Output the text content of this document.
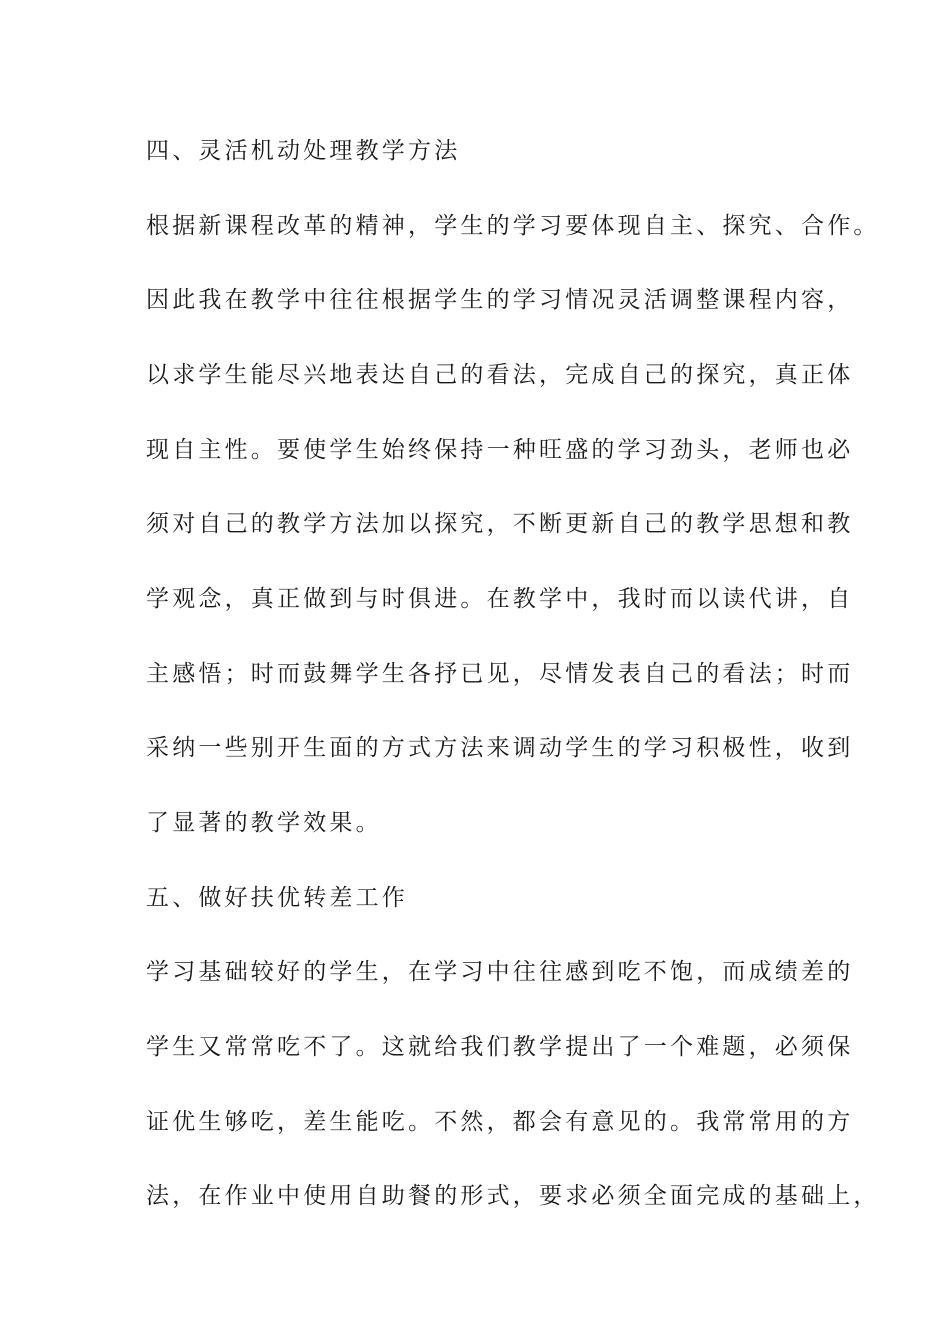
四、灵活机动处理教学方法
根据新课程改革的精神，学生的学习要体现自主、探究、合作。
因此我在教学中往往根据学生的学习情况灵活调整课程内容，
以求学生能尽兴地表达自己的看法，完成自己的探究，真正体
现自主性。要使学生始终保持一种旺盛的学习劲头，老师也必
须对自己的教学方法加以探究，不断更新自己的教学思想和教
学观念，真正做到与时俱进。在教学中，我时而以读代讲，自
主感悟；时而鼓舞学生各抒已见，尽情发表自己的看法；时而
采纳一些别开生面的方式方法来调动学生的学习积极性，收到
了显著的教学效果。
五、做好扶优转差工作
学习基础较好的学生，在学习中往往感到吃不饱，而成绩差的
学生又常常吃不了。这就给我们教学提出了一个难题，必须保
证优生够吃，差生能吃。不然，都会有意见的。我常常用的方
法，在作业中使用自助餐的形式，要求必须全面完成的基础上，
